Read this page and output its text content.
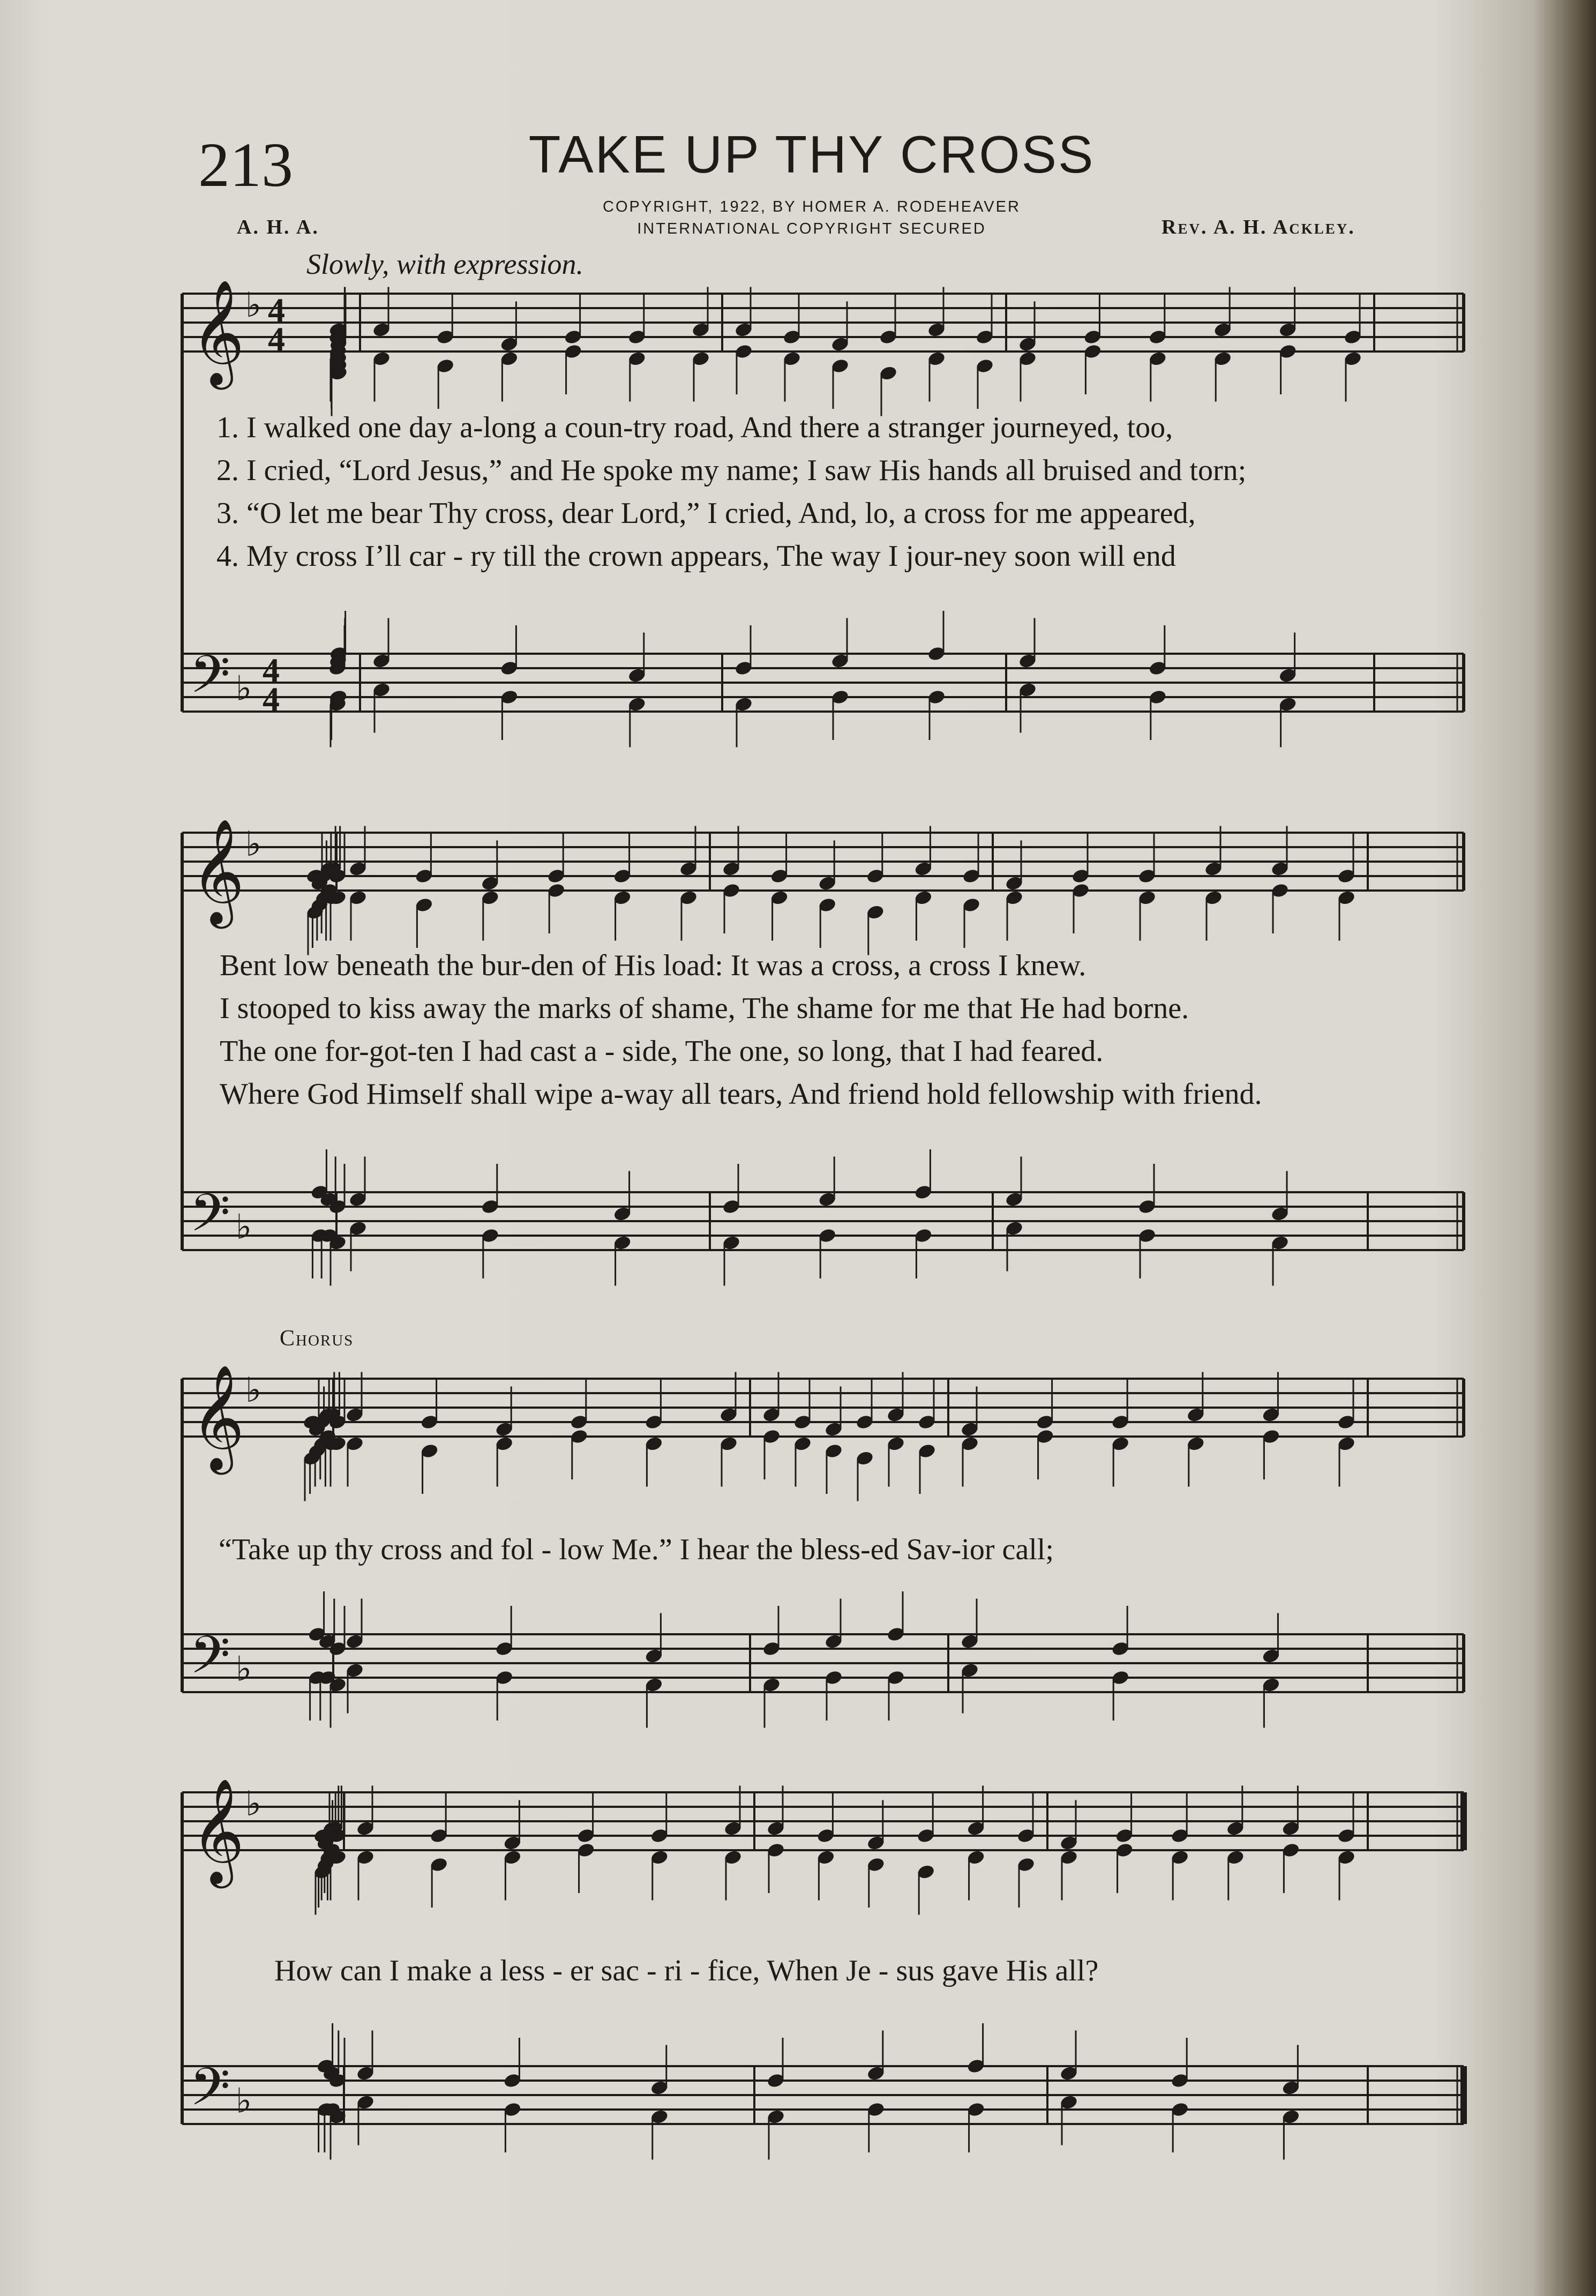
213	TAKE UP THY CROSS
COPYRIGHT, 1922, BY HOMER A. RODEHEAVER
INTERNATIONAL COPYRIGHT SECURED
A. H. A.	Rev. A. H. Ackley.
Slowly, with expression.
Chorus
𝄞
𝄢
♭
♭
4
4
4
4
𝄞
𝄢
♭
♭
𝄞
𝄢
♭
♭
𝄞
𝄢
♭
♭
1. I walked one day a-long a coun-try road, And there a stranger journeyed, too,
2. I cried, “Lord Jesus,” and He spoke my name; I saw His hands all bruised and torn;
3. “O let me bear Thy cross, dear Lord,” I cried, And, lo, a cross for me appeared,
4. My cross I’ll car - ry till the crown appears, The way I jour-ney soon will end
Bent low beneath the bur-den of His load: It was a cross, a cross I knew.
I stooped to kiss away the marks of shame, The shame for me that He had borne.
The one for-got-ten I had cast a - side, The one, so long, that I had feared.
Where God Himself shall wipe a-way all tears, And friend hold fellowship with friend.
“Take up thy cross and fol - low Me.” I hear the bless-ed Sav-ior call;
How can I make a less - er sac - ri - fice, When Je - sus gave His all?
